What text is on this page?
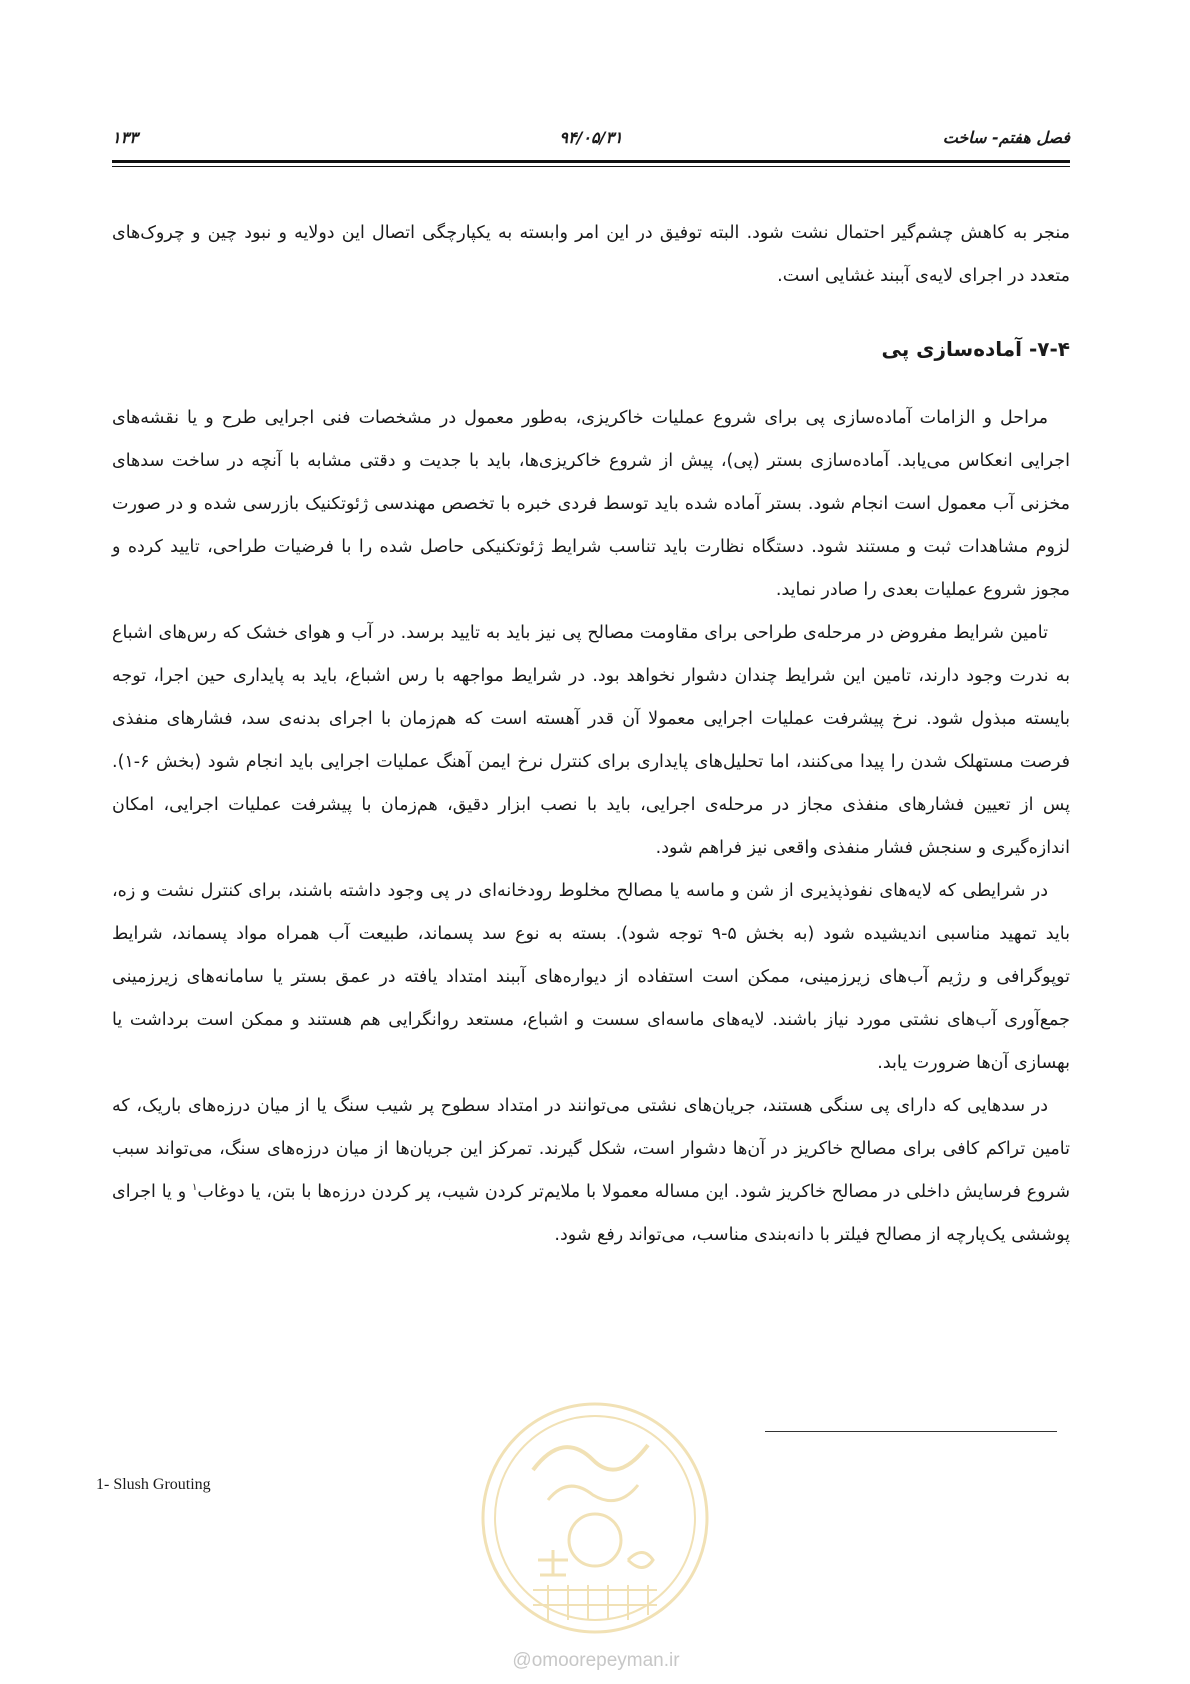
فصل هفتم- ساخت
۹۴/۰۵/۳۱
۱۳۳

منجر به کاهش چشم‌گیر احتمال نشت شود. البته توفیق در این امر وابسته به یکپارچگی اتصال این دولایه و نبود چین و چروک‌های متعدد در اجرای لایه‌ی آببند غشایی است.

۷-۴- آماده‌سازی پی

مراحل و الزامات آماده‌سازی پی برای شروع عملیات خاکریزی، به‌طور معمول در مشخصات فنی اجرایی طرح و یا نقشه‌های اجرایی انعکاس می‌یابد. آماده‌سازی بستر (پی)، پیش از شروع خاکریزی‌ها، باید با جدیت و دقتی مشابه با آنچه در ساخت سدهای مخزنی آب معمول است انجام شود. بستر آماده شده باید توسط فردی خبره با تخصص مهندسی ژئوتکنیک بازرسی شده و در صورت لزوم مشاهدات ثبت و مستند شود. دستگاه نظارت باید تناسب شرایط ژئوتکنیکی حاصل شده را با فرضیات طراحی، تایید کرده و مجوز شروع عملیات بعدی را صادر نماید.

تامین شرایط مفروض در مرحله‌ی طراحی برای مقاومت مصالح پی نیز باید به تایید برسد. در آب و هوای خشک که رس‌های اشباع به ندرت وجود دارند، تامین این شرایط چندان دشوار نخواهد بود. در شرایط مواجهه با رس اشباع، باید به پایداری حین اجرا، توجه بایسته مبذول شود. نرخ پیشرفت عملیات اجرایی معمولا آن قدر آهسته است که هم‌زمان با اجرای بدنه‌ی سد، فشارهای منفذی فرصت مستهلک شدن را پیدا می‌کنند، اما تحلیل‌های پایداری برای کنترل نرخ ایمن آهنگ عملیات اجرایی باید انجام شود (بخش ۶-۱). پس از تعیین فشارهای منفذی مجاز در مرحله‌ی اجرایی، باید با نصب ابزار دقیق، هم‌زمان با پیشرفت عملیات اجرایی، امکان اندازه‌گیری و سنجش فشار منفذی واقعی نیز فراهم شود.

در شرایطی که لایه‌های نفوذپذیری از شن و ماسه یا مصالح مخلوط رودخانه‌ای در پی وجود داشته باشند، برای کنترل نشت و زه، باید تمهید مناسبی اندیشیده شود (به بخش ۵-۹ توجه شود). بسته به نوع سد پسماند، طبیعت آب همراه مواد پسماند، شرایط توپوگرافی و رژیم آب‌های زیرزمینی، ممکن است استفاده از دیواره‌های آببند امتداد یافته در عمق بستر یا سامانه‌های زیرزمینی جمع‌آوری آب‌های نشتی مورد نیاز باشند. لایه‌های ماسه‌ای سست و اشباع، مستعد روانگرایی هم هستند و ممکن است برداشت یا بهسازی آن‌ها ضرورت یابد.

در سدهایی که دارای پی سنگی هستند، جریان‌های نشتی می‌توانند در امتداد سطوح پر شیب سنگ یا از میان درزه‌های باریک، که تامین تراکم کافی برای مصالح خاکریز در آن‌ها دشوار است، شکل گیرند. تمرکز این جریان‌ها از میان درزه‌های سنگ، می‌تواند سبب شروع فرسایش داخلی در مصالح خاکریز شود. این مساله معمولا با ملایم‌تر کردن شیب، پر کردن درزه‌ها با بتن، یا دوغاب$^۱$ و یا اجرای پوششی یک‌پارچه از مصالح فیلتر با دانه‌بندی مناسب، می‌تواند رفع شود.

1- Slush Grouting
@omoorepeyman.ir
